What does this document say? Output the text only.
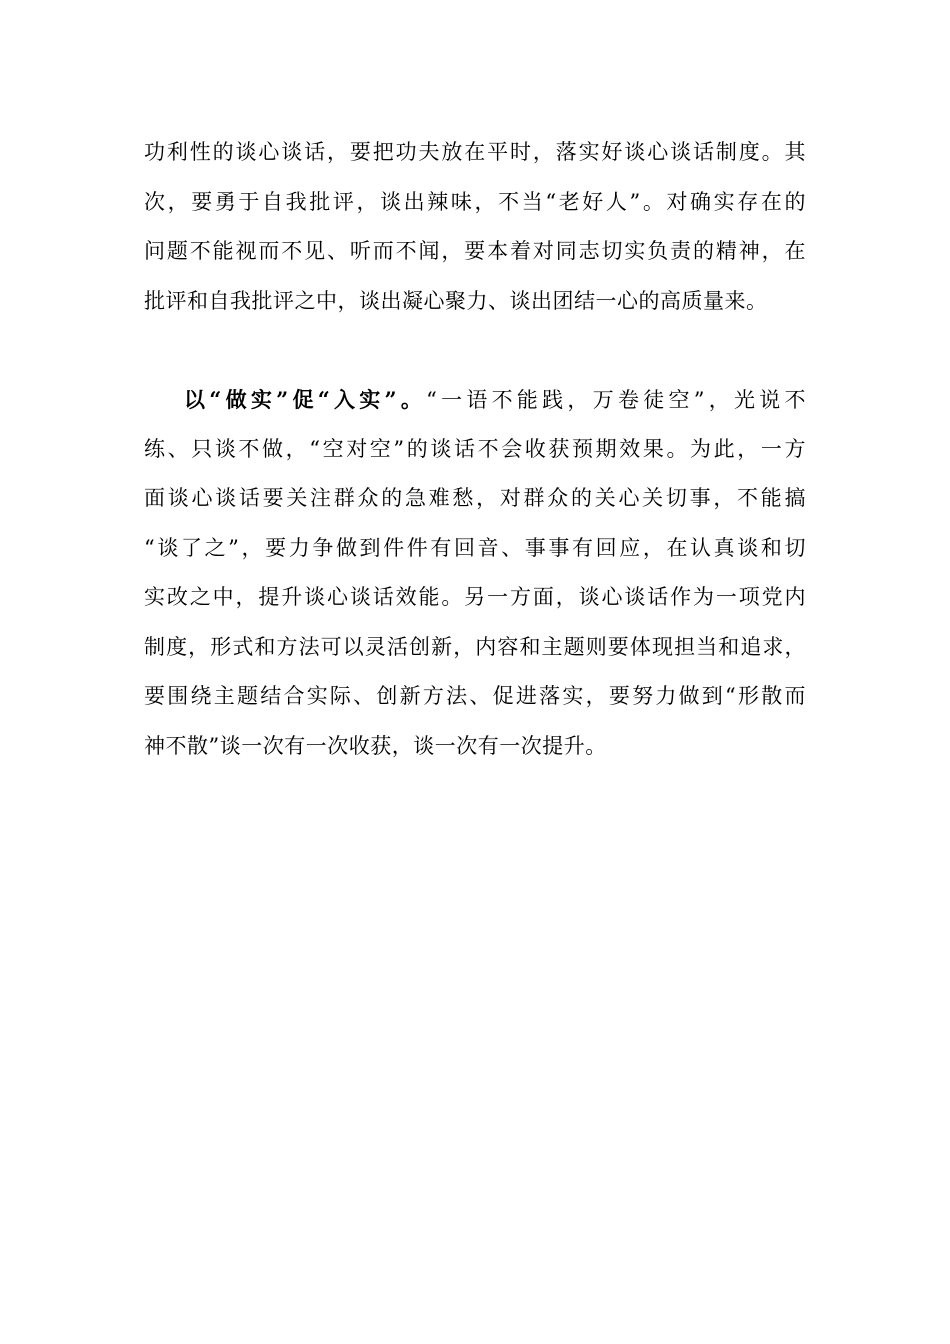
功利性的谈心谈话，要把功夫放在平时，落实好谈心谈话制度。其
次，要勇于自我批评，谈出辣味，不当“老好人”。对确实存在的
问题不能视而不见、听而不闻，要本着对同志切实负责的精神，在
批评和自我批评之中，谈出凝心聚力、谈出团结一心的高质量来。
以“做实”促“入实”。“一语不能践，万卷徒空”，光说不
练、只谈不做，“空对空”的谈话不会收获预期效果。为此，一方
面谈心谈话要关注群众的急难愁，对群众的关心关切事，不能搞
“谈了之”，要力争做到件件有回音、事事有回应，在认真谈和切
实改之中，提升谈心谈话效能。另一方面，谈心谈话作为一项党内
制度，形式和方法可以灵活创新，内容和主题则要体现担当和追求，
要围绕主题结合实际、创新方法、促进落实，要努力做到“形散而
神不散”谈一次有一次收获，谈一次有一次提升。
